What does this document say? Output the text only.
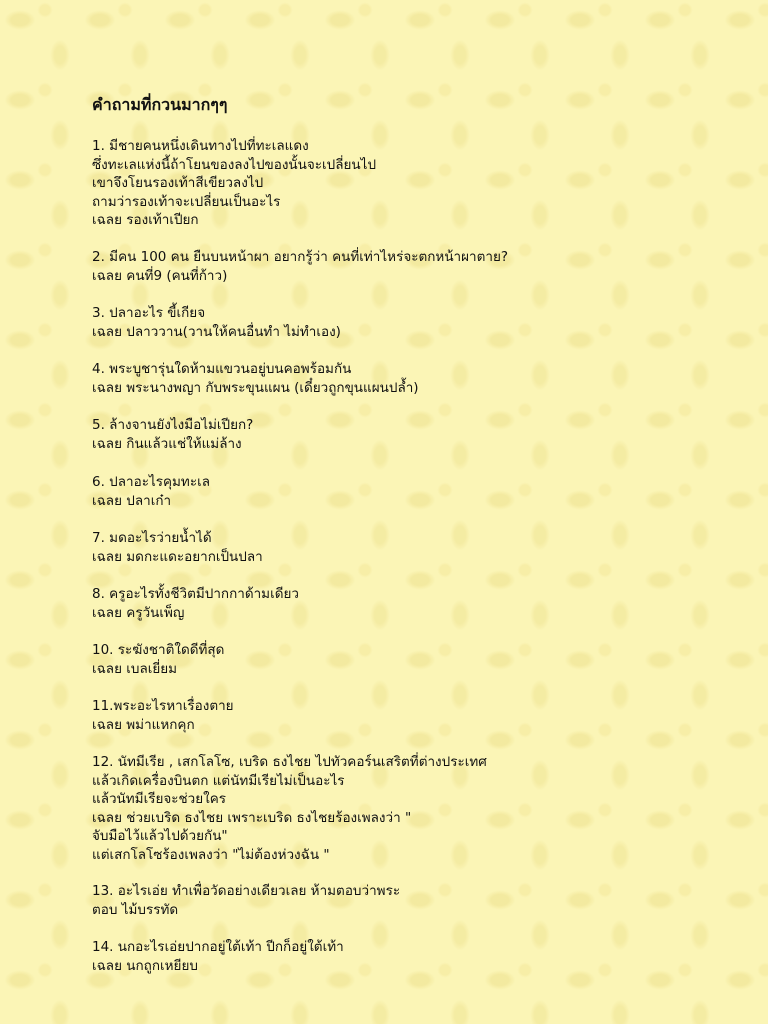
คำถามที่กวนมากๆๆ
1. มีชายคนหนึ่งเดินทางไปที่ทะเลแดง
ซึ่งทะเลแห่งนี้ถ้าโยนของลงไปของนั้นจะเปลี่ยนไป
เขาจึงโยนรองเท้าสีเขียวลงไป
ถามว่ารองเท้าจะเปลี่ยนเป็นอะไร
เฉลย รองเท้าเปียก
2. มีคน 100 คน ยืนบนหน้าผา อยากรู้ว่า คนที่เท่าไหร่จะตกหน้าผาตาย?
เฉลย คนที่9 (คนที่ก้าว)
3. ปลาอะไร ขี้เกียจ
เฉลย ปลาววาน(วานให้คนอื่นทำ ไม่ทำเอง)
4. พระบูชารุ่นใดห้ามแขวนอยู่บนคอพร้อมกัน
เฉลย พระนางพญา กับพระขุนแผน (เดี๋ยวถูกขุนแผนปล้ำ)
5. ล้างจานยังไงมือไม่เปียก?
เฉลย กินแล้วแช่ให้แม่ล้าง
6. ปลาอะไรคุมทะเล
เฉลย ปลาเก๋า
7. มดอะไรว่ายน้ำได้
เฉลย มดกะแดะอยากเป็นปลา
8. ครูอะไรทั้งชีวิตมีปากกาด้ามเดียว
เฉลย ครูวันเพ็ญ
10. ระฆังชาติใดดีที่สุด
เฉลย เบลเยี่ยม
11.พระอะไรหาเรื่องตาย
เฉลย พม่าแหกคุก
12. นัทมีเรีย , เสกโลโซ, เบริด ธงไชย ไปทัวคอร์นเสริตที่ต่างประเทศ
แล้วเกิดเครื่องบินตก แต่นัทมีเรียไม่เป็นอะไร
แล้วนัทมีเรียจะช่วยใคร
เฉลย ช่วยเบริด ธงไชย เพราะเบริด ธงไชยร้องเพลงว่า "
จับมือไว้แล้วไปด้วยกัน"
แต่เสกโลโซร้องเพลงว่า "ไม่ต้องห่วงฉัน "
13. อะไรเอ่ย ทำเพื่อวัดอย่างเดียวเลย ห้ามตอบว่าพระ
ตอบ ไม้บรรทัด
14. นกอะไรเอ่ยปากอยู่ใต้เท้า ปีกก็อยู่ใต้เท้า
เฉลย นกถูกเหยียบ
